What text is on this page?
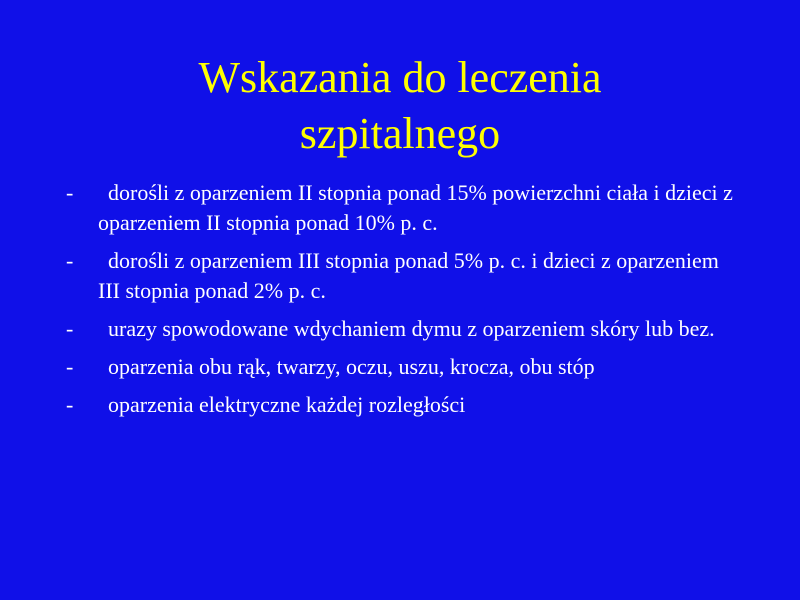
Wskazania do leczenia
szpitalnego
-	dorośli z oparzeniem II stopnia ponad 15% powierzchni ciała i dzieci z oparzeniem II stopnia ponad 10% p. c.
-	dorośli z oparzeniem III stopnia ponad 5% p. c. i dzieci z oparzeniem III stopnia ponad 2% p. c.
-	urazy spowodowane wdychaniem dymu z oparzeniem skóry lub bez.
-	oparzenia obu rąk, twarzy, oczu, uszu, krocza, obu stóp
-	oparzenia elektryczne każdej rozległości
